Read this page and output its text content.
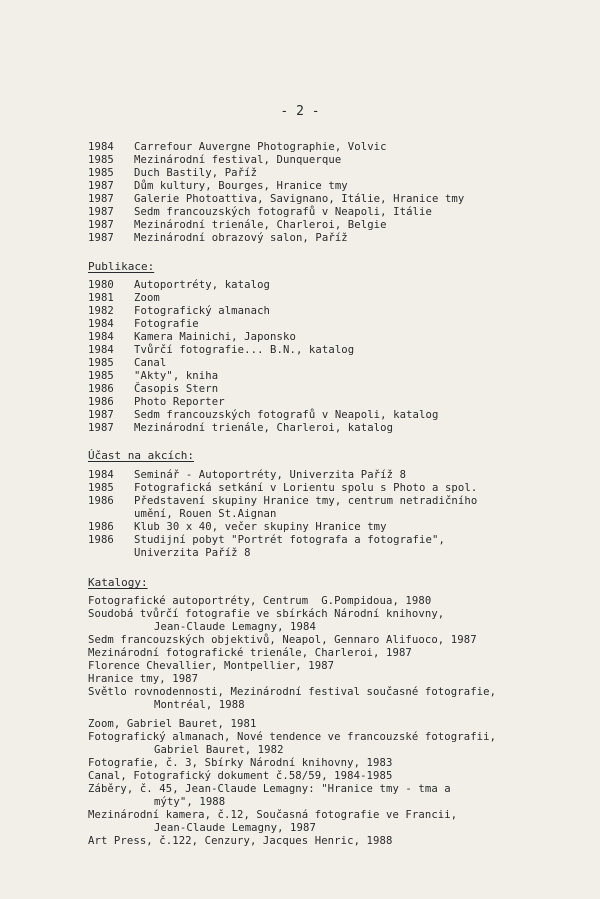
- 2 -
1984 Carrefour Auvergne Photographie, Volvic
1985 Mezinárodní festival, Dunquerque
1985 Duch Bastily, Paříž
1987 Dům kultury, Bourges, Hranice tmy
1987 Galerie Photoattiva, Savignano, Itálie, Hranice tmy
1987 Sedm francouzských fotografů v Neapoli, Itálie
1987 Mezinárodní trienále, Charleroi, Belgie
1987 Mezinárodní obrazový salon, Paříž
Publikace:
1980 Autoportréty, katalog
1981 Zoom
1982 Fotografický almanach
1984 Fotografie
1984 Kamera Mainichi, Japonsko
1984 Tvůrčí fotografie... B.N., katalog
1985 Canal
1985 "Akty", kniha
1986 Časopis Stern
1986 Photo Reporter
1987 Sedm francouzských fotografů v Neapoli, katalog
1987 Mezinárodní trienále, Charleroi, katalog
Účast na akcích:
1984 Seminář - Autoportréty, Univerzita Paříž 8
1985 Fotografická setkání v Lorientu spolu s Photo a spol.
1986 Představení skupiny Hranice tmy, centrum netradičního
umění, Rouen St.Aignan
1986 Klub 30 x 40, večer skupiny Hranice tmy
1986 Studijní pobyt "Portrét fotografa a fotografie",
Univerzita Paříž 8
Katalogy:
Fotografické autoportréty, Centrum  G.Pompidoua, 1980
Soudobá tvůrčí fotografie ve sbírkách Národní knihovny,
Jean-Claude Lemagny, 1984
Sedm francouzských objektivů, Neapol, Gennaro Alifuoco, 1987
Mezinárodní fotografické trienále, Charleroi, 1987
Florence Chevallier, Montpellier, 1987
Hranice tmy, 1987
Světlo rovnodennosti, Mezinárodní festival současné fotografie,
Montréal, 1988
Zoom, Gabriel Bauret, 1981
Fotografický almanach, Nové tendence ve francouzské fotografii,
Gabriel Bauret, 1982
Fotografie, č. 3, Sbírky Národní knihovny, 1983
Canal, Fotografický dokument č.58/59, 1984-1985
Záběry, č. 45, Jean-Claude Lemagny: "Hranice tmy - tma a
mýty", 1988
Mezinárodní kamera, č.12, Současná fotografie ve Francii,
Jean-Claude Lemagny, 1987
Art Press, č.122, Cenzury, Jacques Henric, 1988
